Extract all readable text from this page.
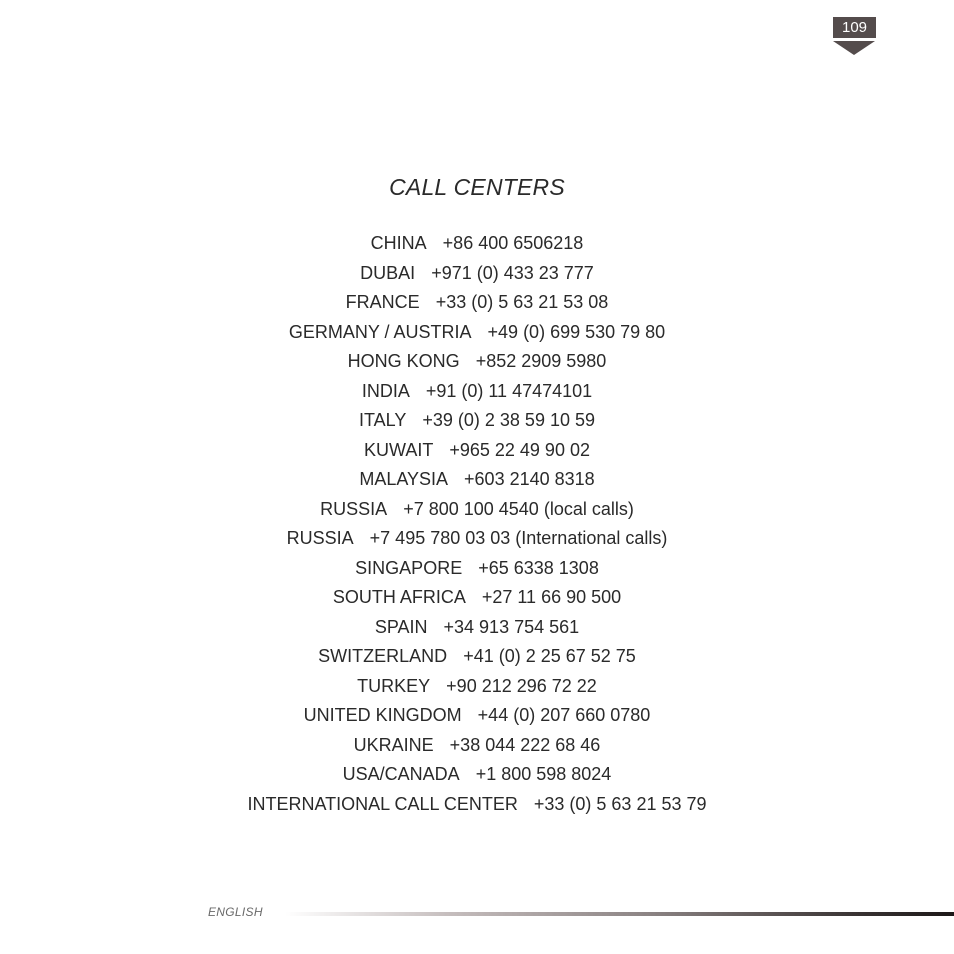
109
CALL CENTERS
CHINA +86 400 6506218
DUBAI +971 (0) 433 23 777
FRANCE +33 (0) 5 63 21 53 08
GERMANY / AUSTRIA +49 (0) 699 530 79 80
HONG KONG +852 2909 5980
INDIA +91 (0) 11 47474101
ITALY +39 (0) 2 38 59 10 59
KUWAIT +965 22 49 90 02
MALAYSIA +603 2140 8318
RUSSIA +7 800 100 4540 (local calls)
RUSSIA +7 495 780 03 03 (International calls)
SINGAPORE +65 6338 1308
SOUTH AFRICA +27 11 66 90 500
SPAIN +34 913 754 561
SWITZERLAND +41 (0) 2 25 67 52 75
TURKEY +90 212 296 72 22
UNITED KINGDOM +44 (0) 207 660 0780
UKRAINE +38 044 222 68 46
USA/CANADA +1 800 598 8024
INTERNATIONAL CALL CENTER +33 (0) 5 63 21 53 79
ENGLISH
